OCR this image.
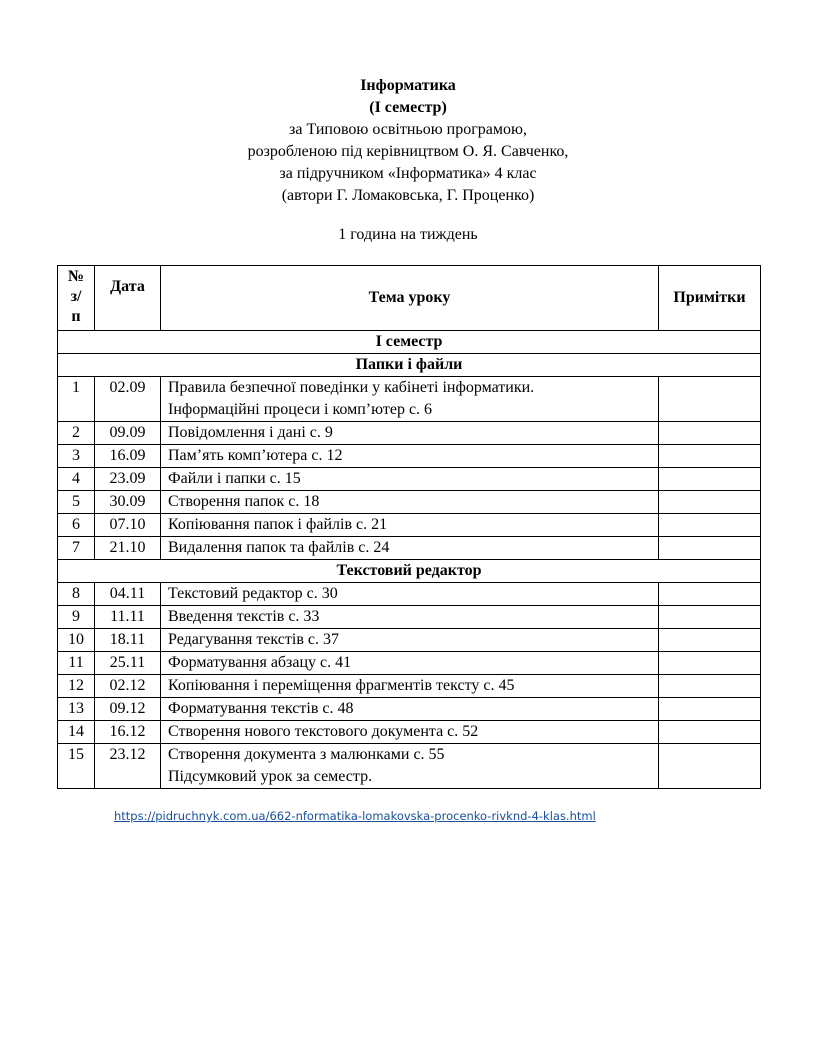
Інформатика
(І семестр)
за Типовою освітньою програмою,
розробленою під керівництвом О. Я. Савченко,
за підручником «Інформатика» 4 клас
(автори Г. Ломаковська, Г. Проценко)
1 година на тиждень
№
з/
п	Дата	Тема уроку	Примітки
І семестр			
Папки і файли			
1	02.09	Правила безпечної поведінки у кабінеті інформатики.
Інформаційні процеси і комп’ютер с. 6	

2	09.09	Повідомлення і дані с. 9	

3	16.09	Пам’ять комп’ютера с. 12	

4	23.09	Файли і папки с. 15	

5	30.09	Створення папок с. 18	

6	07.10	Копіювання папок і файлів с. 21	

7	21.10	Видалення папок та файлів с. 24	

Текстовий редактор			
8	04.11	Текстовий редактор с. 30	

9	11.11	Введення текстів с. 33	

10	18.11	Редагування текстів с. 37	

11	25.11	Форматування абзацу с. 41	

12	02.12	Копіювання і переміщення фрагментів тексту с. 45	

13	09.12	Форматування текстів с. 48	

14	16.12	Створення нового текстового документа с. 52	

15	23.12	Створення документа з малюнками с. 55
Підсумковий урок за семестр.	

https://pidruchnyk.com.ua/662-nformatika-lomakovska-procenko-rivknd-4-klas.html
